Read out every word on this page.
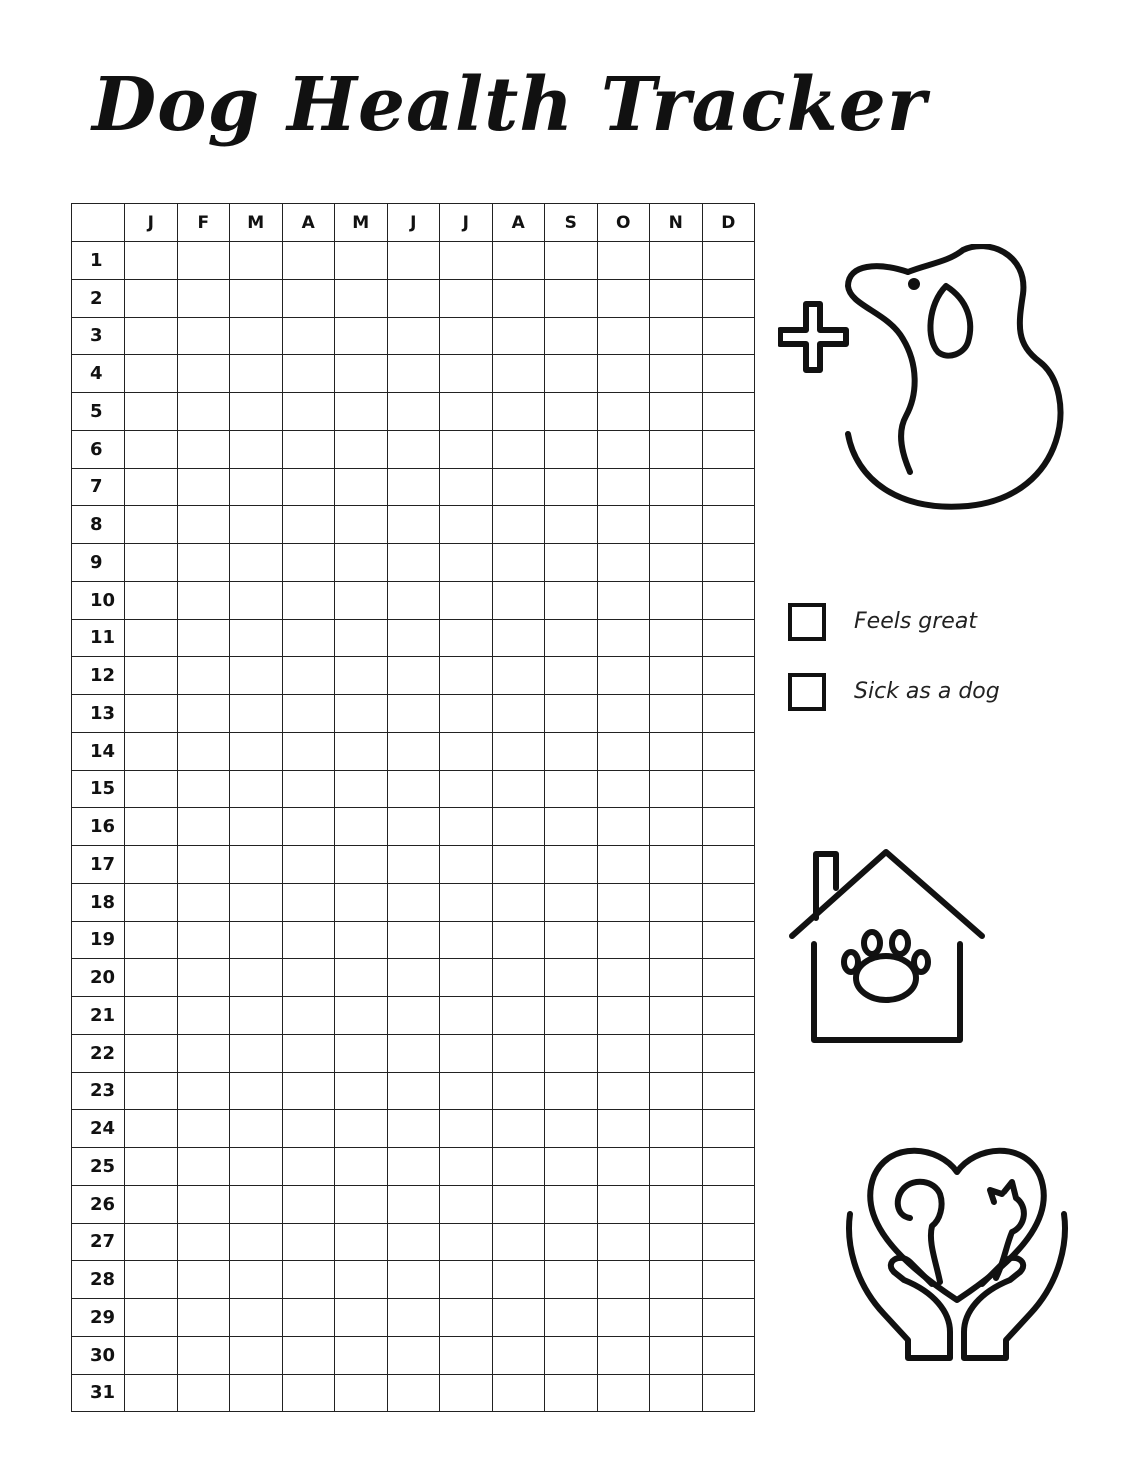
Dog Health Tracker
J	F	M	A	M	J	J	A	S	O	N	D
1
2
3
4
5
6
7
8
9
10
11
12
13
14
15
16
17
18
19
20
21
22
23
24
25
26
27
28
29
30
31
Feels great
Sick as a dog
